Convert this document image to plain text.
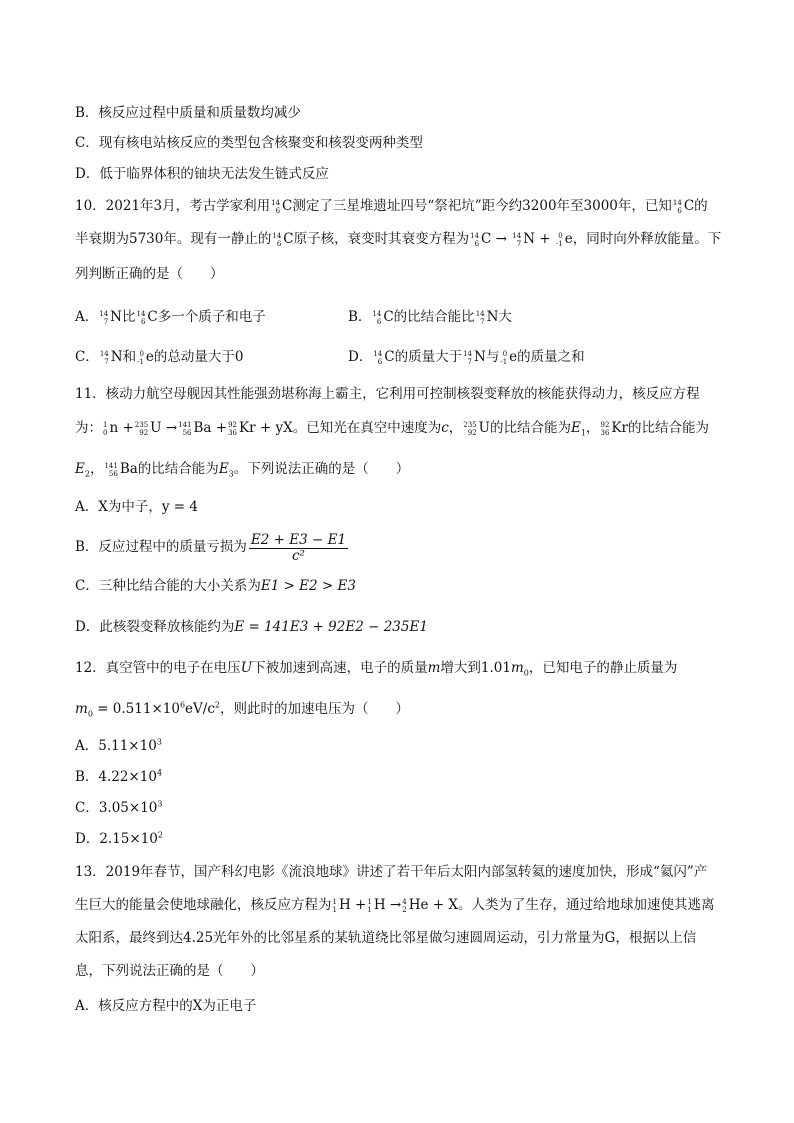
B．核反应过程中质量和质量数均减少
C．现有核电站核反应的类型包含核聚变和核裂变两种类型
D．低于临界体积的铀块无法发生链式反应
10．2021年3月，考古学家利用 14
6 C测定了三星堆遗址四号“祭祀坑”距今约3200年至3000年，已知 14
6 C的
半衰期为5730年。现有一静止的 14
6 C原子核，衰变时其衰变方程为 14
6 C → 14
7 N +	0
-1 e，同时向外释放能量。下
列判断正确的是（　　）
A． 14
7 N比 14
6 C多一个质子和电子	B． 14
6 C的比结合能比 14
7 N大
C． 14
7 N和 0
-1 e的总动量大于0	D． 14
6 C的质量大于 14
7 N与 0
-1 e的质量之和
11．核动力航空母舰因其性能强劲堪称海上霸主，它利用可控制核裂变释放的核能获得动力，核反应方程
为： 1
0 n + 235
92 U → 141
56 Ba + 92
36 Kr + yX。已知光在真空中速度为c， 235
92 U的比结合能为$E_1$， 92
36 Kr的比结合能为
$E_2$， 141
56 Ba的比结合能为$E_3$。下列说法正确的是（　　）
A．X为中子，y = 4
B．反应过程中的质量亏损为 $\frac{E2 + E3 - E1}{\text{c²}}$
C．三种比结合能的大小关系为E1 > E2 > E3
D．此核裂变释放核能约为E = 141E3 + 92E2 − 235E1
12．真空管中的电子在电压U下被加速到高速，电子的质量m增大到$1.01m_0$，已知电子的静止质量为
$m_0 = 0.511\times 10^6eV/c^2$，则此时的加速电压为（　　）
A．$5.11\times 10^3$
B．$4.22\times 10^4$
C．$3.05\times 10^3$
D．$2.15\times 10^2$
13．2019年春节，国产科幻电影《流浪地球》讲述了若干年后太阳内部氢转氦的速度加快，形成“氦闪”产
生巨大的能量会使地球融化，核反应方程为 1
1 H + 1
1 H → 4
2 He + X。人类为了生存，通过给地球加速使其逃离
太阳系，最终到达4.25光年外的比邻星系的某轨道绕比邻星做匀速圆周运动，引力常量为G，根据以上信
息，下列说法正确的是（　　）
A．核反应方程中的X为正电子
